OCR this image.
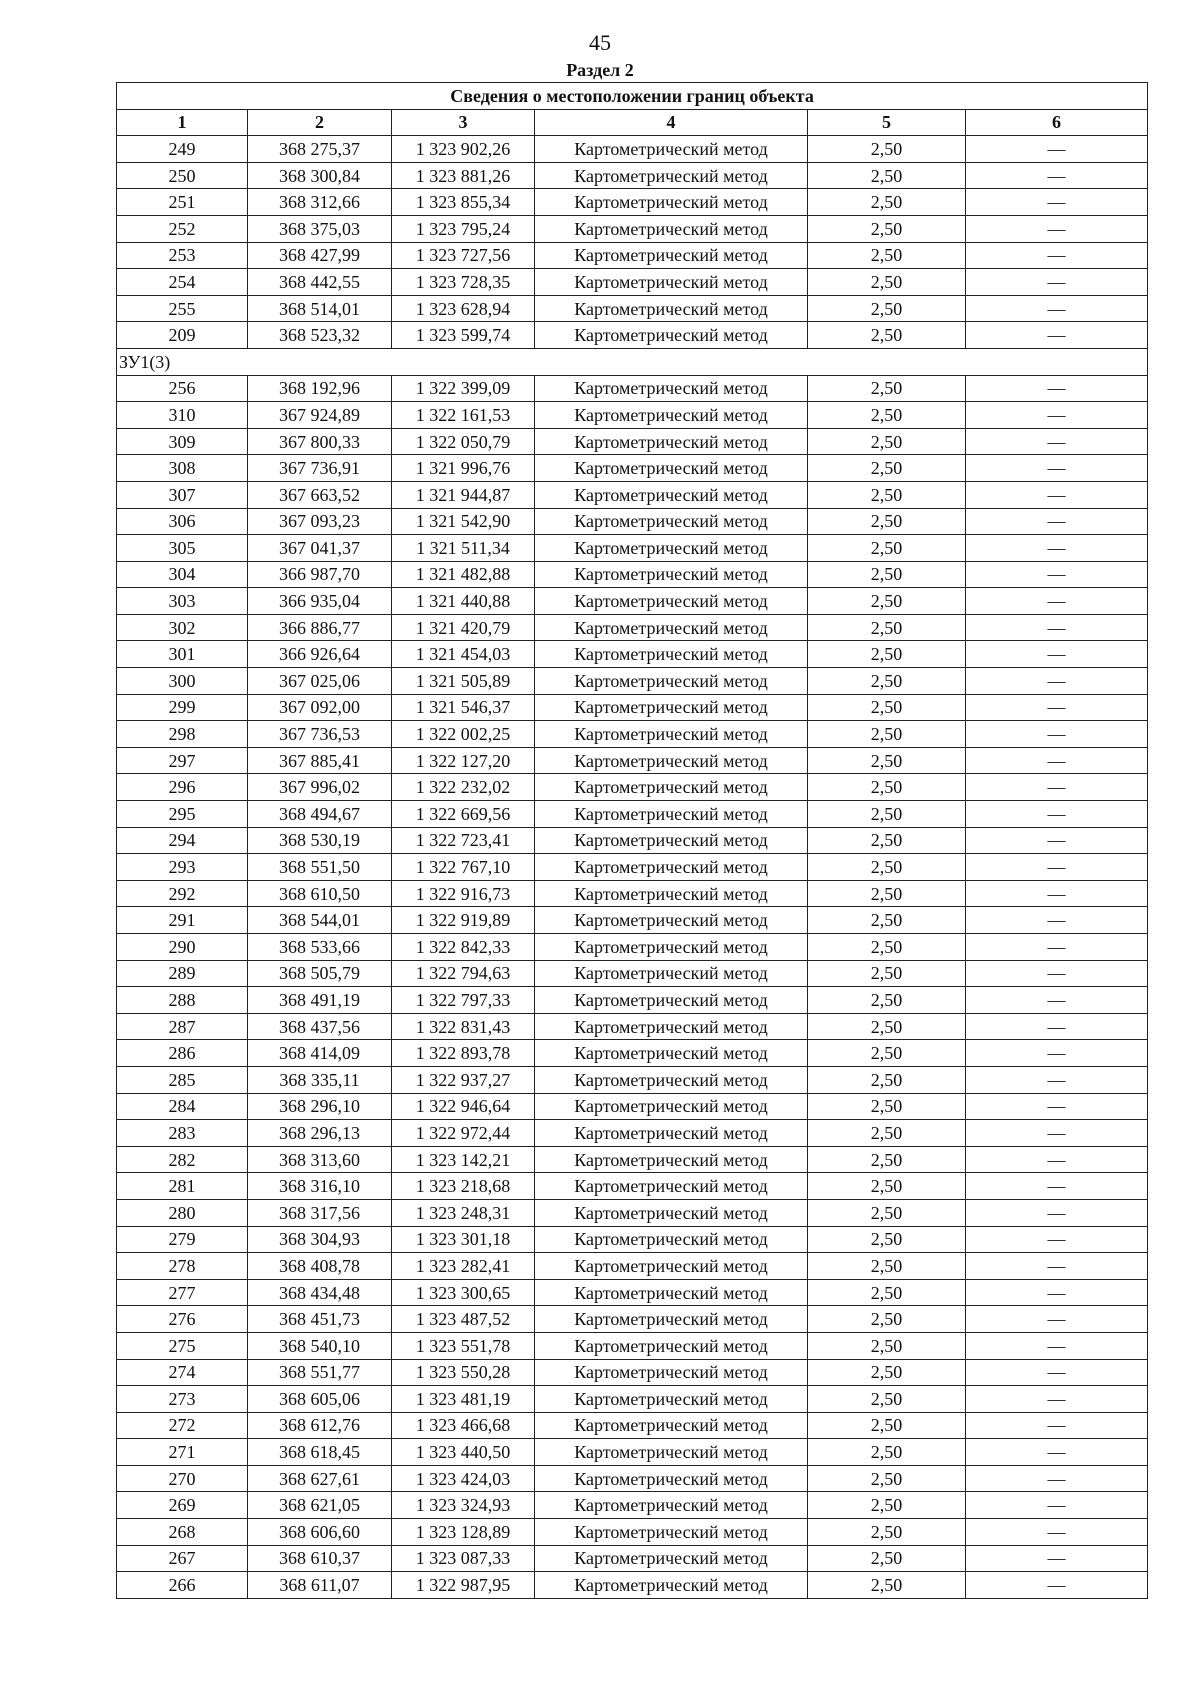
45
Раздел 2
Сведения о местоположении границ объекта					
1	2	3	4	5	6
249	368 275,37	1 323 902,26	Картометрический метод	2,50	—
250	368 300,84	1 323 881,26	Картометрический метод	2,50	—
251	368 312,66	1 323 855,34	Картометрический метод	2,50	—
252	368 375,03	1 323 795,24	Картометрический метод	2,50	—
253	368 427,99	1 323 727,56	Картометрический метод	2,50	—
254	368 442,55	1 323 728,35	Картометрический метод	2,50	—
255	368 514,01	1 323 628,94	Картометрический метод	2,50	—
209	368 523,32	1 323 599,74	Картометрический метод	2,50	—
ЗУ1(3)					
256	368 192,96	1 322 399,09	Картометрический метод	2,50	—
310	367 924,89	1 322 161,53	Картометрический метод	2,50	—
309	367 800,33	1 322 050,79	Картометрический метод	2,50	—
308	367 736,91	1 321 996,76	Картометрический метод	2,50	—
307	367 663,52	1 321 944,87	Картометрический метод	2,50	—
306	367 093,23	1 321 542,90	Картометрический метод	2,50	—
305	367 041,37	1 321 511,34	Картометрический метод	2,50	—
304	366 987,70	1 321 482,88	Картометрический метод	2,50	—
303	366 935,04	1 321 440,88	Картометрический метод	2,50	—
302	366 886,77	1 321 420,79	Картометрический метод	2,50	—
301	366 926,64	1 321 454,03	Картометрический метод	2,50	—
300	367 025,06	1 321 505,89	Картометрический метод	2,50	—
299	367 092,00	1 321 546,37	Картометрический метод	2,50	—
298	367 736,53	1 322 002,25	Картометрический метод	2,50	—
297	367 885,41	1 322 127,20	Картометрический метод	2,50	—
296	367 996,02	1 322 232,02	Картометрический метод	2,50	—
295	368 494,67	1 322 669,56	Картометрический метод	2,50	—
294	368 530,19	1 322 723,41	Картометрический метод	2,50	—
293	368 551,50	1 322 767,10	Картометрический метод	2,50	—
292	368 610,50	1 322 916,73	Картометрический метод	2,50	—
291	368 544,01	1 322 919,89	Картометрический метод	2,50	—
290	368 533,66	1 322 842,33	Картометрический метод	2,50	—
289	368 505,79	1 322 794,63	Картометрический метод	2,50	—
288	368 491,19	1 322 797,33	Картометрический метод	2,50	—
287	368 437,56	1 322 831,43	Картометрический метод	2,50	—
286	368 414,09	1 322 893,78	Картометрический метод	2,50	—
285	368 335,11	1 322 937,27	Картометрический метод	2,50	—
284	368 296,10	1 322 946,64	Картометрический метод	2,50	—
283	368 296,13	1 322 972,44	Картометрический метод	2,50	—
282	368 313,60	1 323 142,21	Картометрический метод	2,50	—
281	368 316,10	1 323 218,68	Картометрический метод	2,50	—
280	368 317,56	1 323 248,31	Картометрический метод	2,50	—
279	368 304,93	1 323 301,18	Картометрический метод	2,50	—
278	368 408,78	1 323 282,41	Картометрический метод	2,50	—
277	368 434,48	1 323 300,65	Картометрический метод	2,50	—
276	368 451,73	1 323 487,52	Картометрический метод	2,50	—
275	368 540,10	1 323 551,78	Картометрический метод	2,50	—
274	368 551,77	1 323 550,28	Картометрический метод	2,50	—
273	368 605,06	1 323 481,19	Картометрический метод	2,50	—
272	368 612,76	1 323 466,68	Картометрический метод	2,50	—
271	368 618,45	1 323 440,50	Картометрический метод	2,50	—
270	368 627,61	1 323 424,03	Картометрический метод	2,50	—
269	368 621,05	1 323 324,93	Картометрический метод	2,50	—
268	368 606,60	1 323 128,89	Картометрический метод	2,50	—
267	368 610,37	1 323 087,33	Картометрический метод	2,50	—
266	368 611,07	1 322 987,95	Картометрический метод	2,50	—
